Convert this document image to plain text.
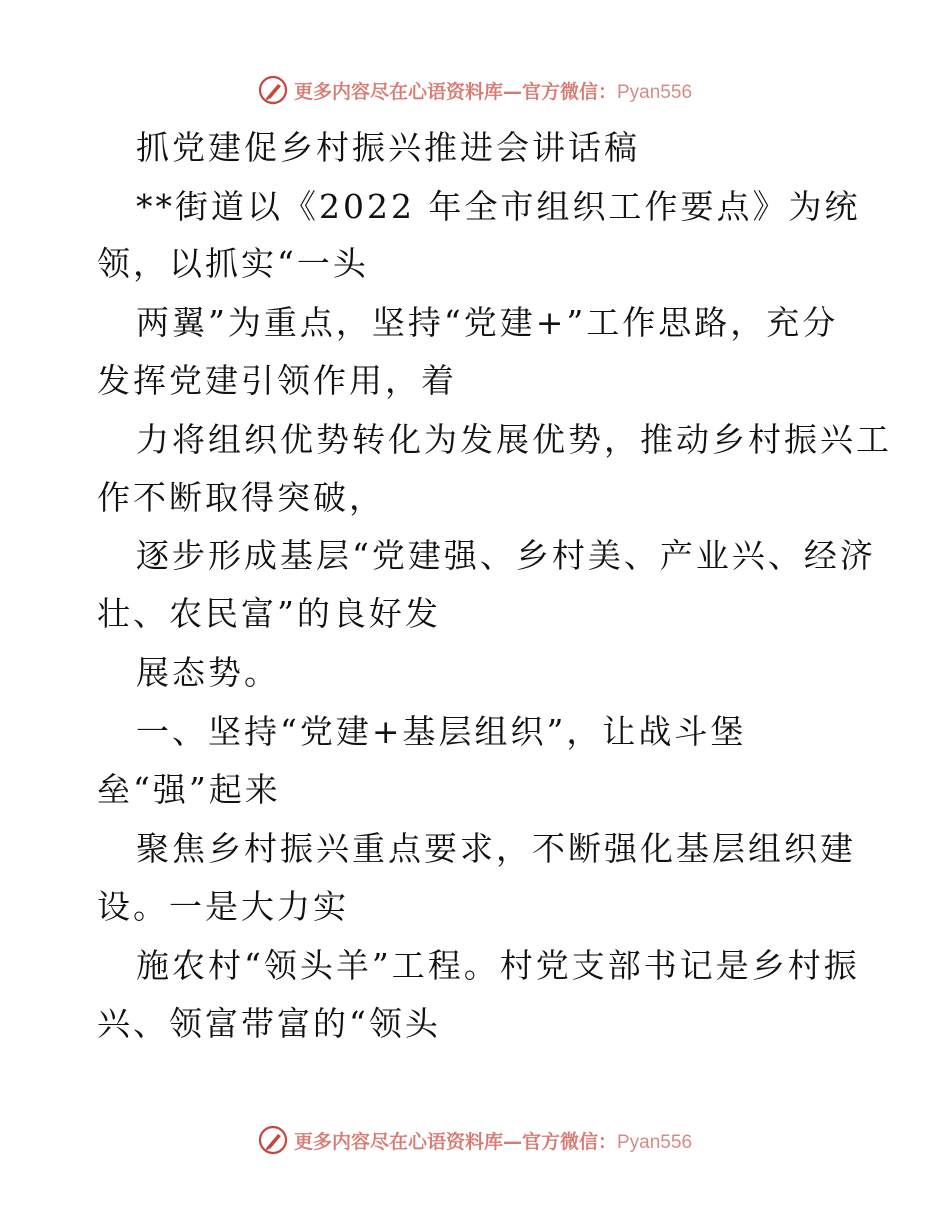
更多内容尽在心语资料库—官方微信：Pyan556
抓党建促乡村振兴推进会讲话稿
**街道以《2022 年全市组织工作要点》为统
领，以抓实“一头
两翼”为重点，坚持“党建+”工作思路，充分
发挥党建引领作用，着
力将组织优势转化为发展优势，推动乡村振兴工
作不断取得突破，
逐步形成基层“党建强、乡村美、产业兴、经济
壮、农民富”的良好发
展态势。
一、坚持“党建+基层组织”，让战斗堡
垒“强”起来
聚焦乡村振兴重点要求，不断强化基层组织建
设。一是大力实
施农村“领头羊”工程。村党支部书记是乡村振
兴、领富带富的“领头
更多内容尽在心语资料库—官方微信：Pyan556
